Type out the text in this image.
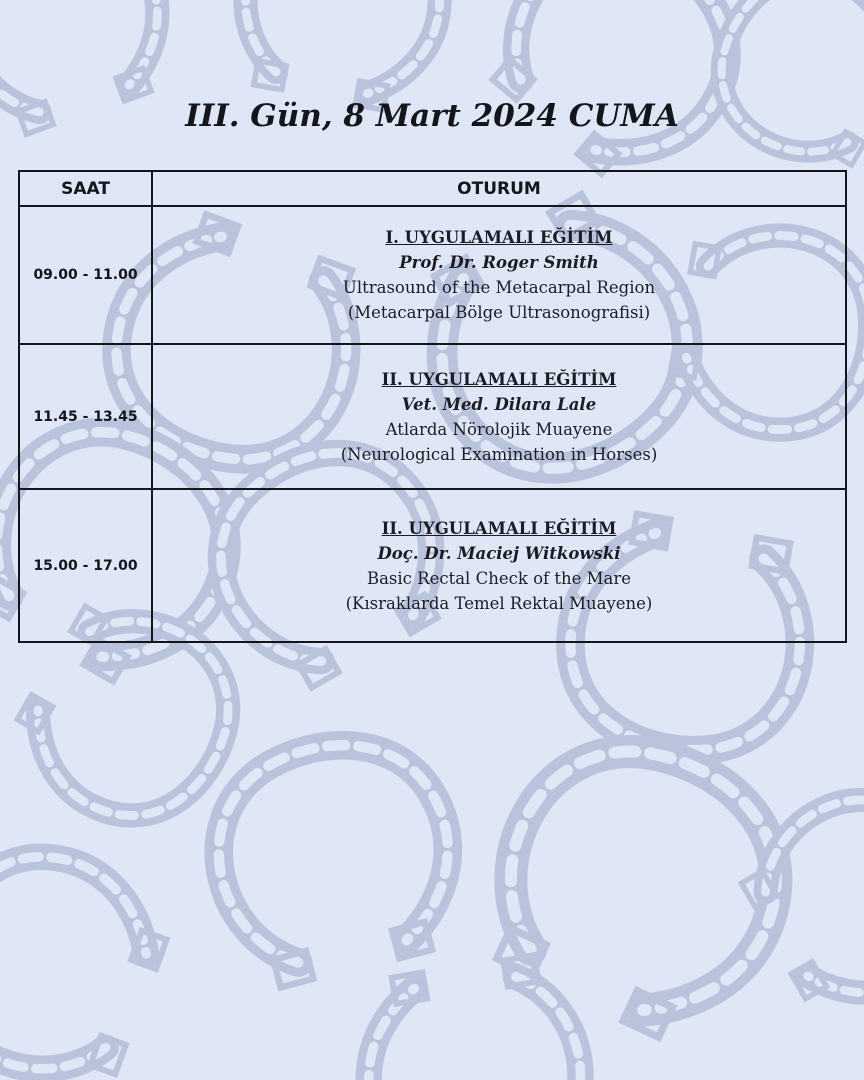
III. Gün, 8 Mart 2024 CUMA
SAAT	OTURUM
09.00 - 11.00	I. UYGULAMALI EĞİTİM
Prof. Dr. Roger Smith
Ultrasound of the Metacarpal Region
(Metacarpal Bölge Ultrasonografisi)

11.45 - 13.45	II. UYGULAMALI EĞİTİM
Vet. Med. Dilara Lale
Atlarda Nörolojik Muayene
(Neurological Examination in Horses)

15.00 - 17.00	II. UYGULAMALI EĞİTİM
Doç. Dr. Maciej Witkowski
Basic Rectal Check of the Mare
(Kısraklarda Temel Rektal Muayene)
